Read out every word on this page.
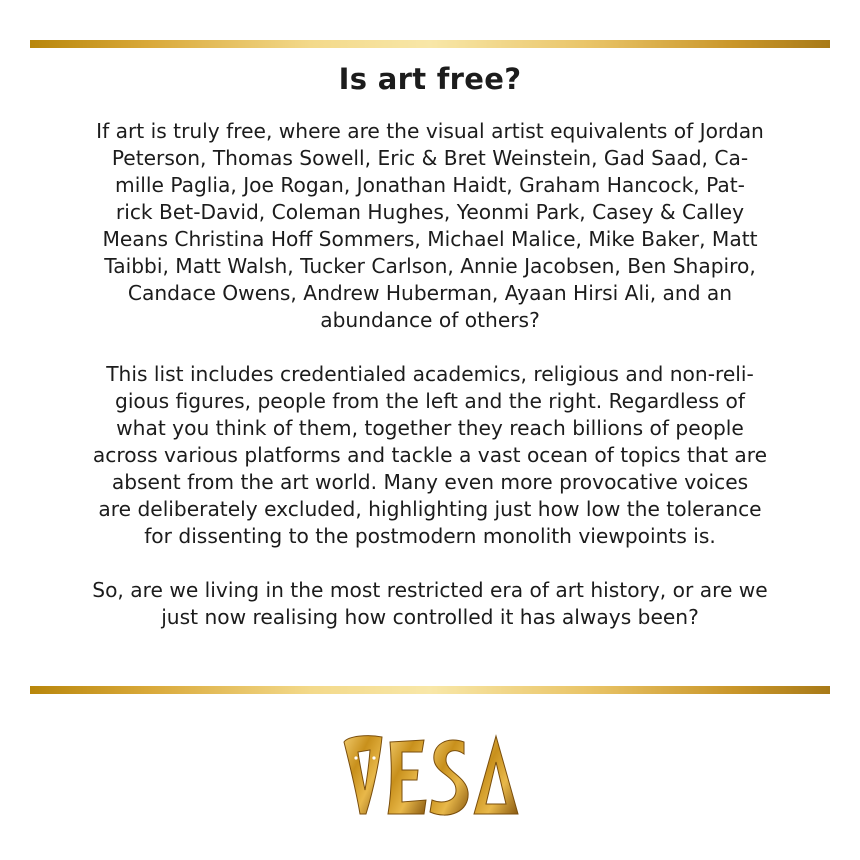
Is art free?

If art is truly free, where are the visual artist equivalents of Jordan
Peterson, Thomas Sowell, Eric & Bret Weinstein, Gad Saad, Ca-
mille Paglia, Joe Rogan, Jonathan Haidt, Graham Hancock, Pat-
rick Bet-David, Coleman Hughes, Yeonmi Park, Casey & Calley
Means Christina Hoff Sommers, Michael Malice, Mike Baker, Matt
Taibbi, Matt Walsh, Tucker Carlson, Annie Jacobsen, Ben Shapiro,
Candace Owens, Andrew Huberman, Ayaan Hirsi Ali, and an
abundance of others?

This list includes credentialed academics, religious and non-reli-
gious figures, people from the left and the right. Regardless of
what you think of them, together they reach billions of people
across various platforms and tackle a vast ocean of topics that are
absent from the art world. Many even more provocative voices
are deliberately excluded, highlighting just how low the tolerance
for dissenting to the postmodern monolith viewpoints is.

So, are we living in the most restricted era of art history, or are we
just now realising how controlled it has always been?
